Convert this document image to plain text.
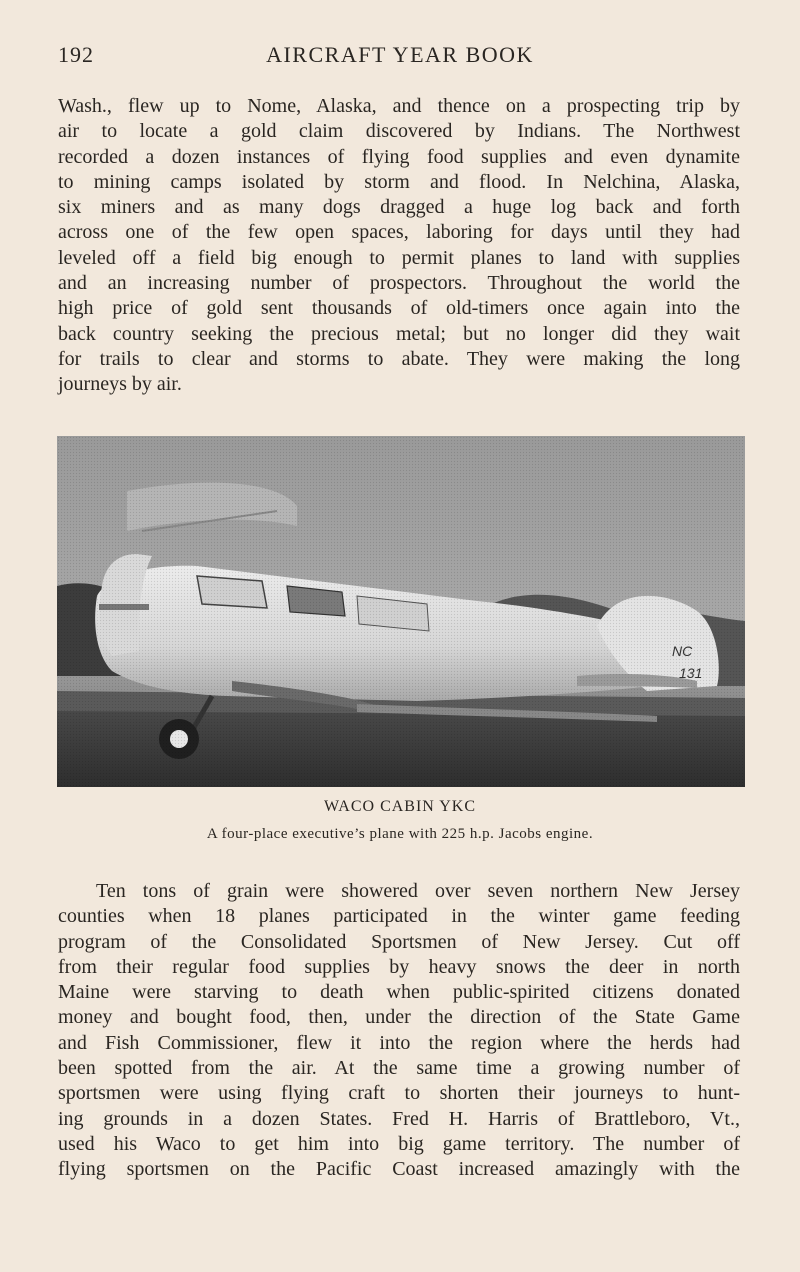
192	AIRCRAFT YEAR BOOK
Wash., flew up to Nome, Alaska, and thence on a prospecting trip by
air to locate a gold claim discovered by Indians. The Northwest
recorded a dozen instances of flying food supplies and even dynamite
to mining camps isolated by storm and flood. In Nelchina, Alaska,
six miners and as many dogs dragged a huge log back and forth
across one of the few open spaces, laboring for days until they had
leveled off a field big enough to permit planes to land with supplies
and an increasing number of prospectors. Throughout the world the
high price of gold sent thousands of old-timers once again into the
back country seeking the precious metal; but no longer did they wait
for trails to clear and storms to abate. They were making the long
journeys by air.
WACO CABIN YKC
A four-place executive’s plane with 225 h.p. Jacobs engine.
Ten tons of grain were showered over seven northern New Jersey
counties when 18 planes participated in the winter game feeding
program of the Consolidated Sportsmen of New Jersey. Cut off
from their regular food supplies by heavy snows the deer in north
Maine were starving to death when public-spirited citizens donated
money and bought food, then, under the direction of the State Game
and Fish Commissioner, flew it into the region where the herds had
been spotted from the air. At the same time a growing number of
sportsmen were using flying craft to shorten their journeys to hunt-
ing grounds in a dozen States. Fred H. Harris of Brattleboro, Vt.,
used his Waco to get him into big game territory. The number of
flying sportsmen on the Pacific Coast increased amazingly with the
